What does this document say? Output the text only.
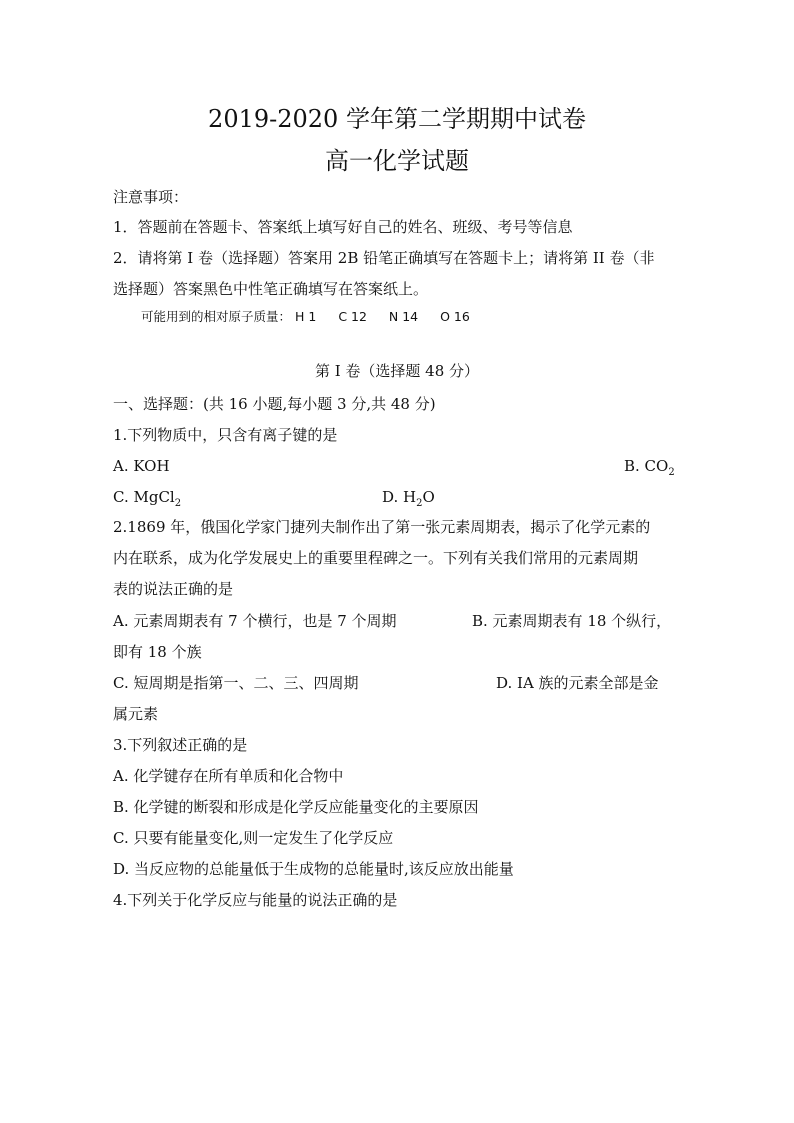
2019-2020 学年第二学期期中试卷
高一化学试题
注意事项：
1．答题前在答题卡、答案纸上填写好自己的姓名、班级、考号等信息
2．请将第 I 卷（选择题）答案用 2B 铅笔正确填写在答题卡上；请将第 II 卷（非
选择题）答案黑色中性笔正确填写在答案纸上。
可能用到的相对原子质量： H 1 C 12 N 14 O 16
第 I 卷（选择题 48 分）
一、选择题：(共 16 小题,每小题 3 分,共 48 分)
1.下列物质中，只含有离子键的是
A. KOH	B. $CO_2$
C. MgCl$_2$	D. $H_2O$
2.1869 年，俄国化学家门捷列夫制作出了第一张元素周期表，揭示了化学元素的
内在联系，成为化学发展史上的重要里程碑之一。下列有关我们常用的元素周期
表的说法正确的是
A. 元素周期表有 7 个横行，也是 7 个周期	B. 元素周期表有 18 个纵行，
即有 18 个族
C. 短周期是指第一、二、三、四周期	D. ⅠA 族的元素全部是金
属元素
3.下列叙述正确的是
A. 化学键存在所有单质和化合物中
B. 化学键的断裂和形成是化学反应能量变化的主要原因
C. 只要有能量变化,则一定发生了化学反应
D. 当反应物的总能量低于生成物的总能量时,该反应放出能量
4.下列关于化学反应与能量的说法正确的是
